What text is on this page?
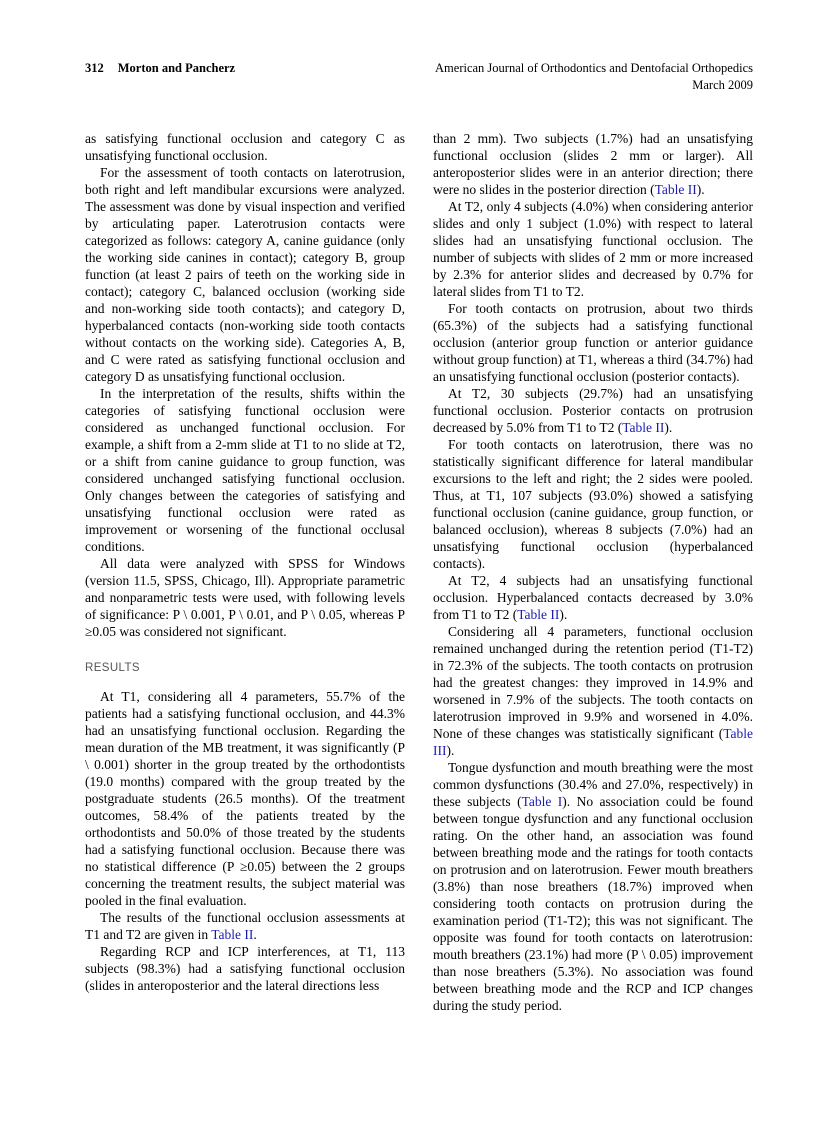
312 Morton and Pancherz	American Journal of Orthodontics and Dentofacial Orthopedics
March 2009

as satisfying functional occlusion and category C as unsatisfying functional occlusion.

For the assessment of tooth contacts on laterotrusion, both right and left mandibular excursions were analyzed. The assessment was done by visual inspection and verified by articulating paper. Laterotrusion contacts were categorized as follows: category A, canine guidance (only the working side canines in contact); category B, group function (at least 2 pairs of teeth on the working side in contact); category C, balanced occlusion (working side and non-working side tooth contacts); and category D, hyperbalanced contacts (non-working side tooth contacts without contacts on the working side). Categories A, B, and C were rated as satisfying functional occlusion and category D as unsatisfying functional occlusion.

In the interpretation of the results, shifts within the categories of satisfying functional occlusion were considered as unchanged functional occlusion. For example, a shift from a 2-mm slide at T1 to no slide at T2, or a shift from canine guidance to group function, was considered unchanged satisfying functional occlusion. Only changes between the categories of satisfying and unsatisfying functional occlusion were rated as improvement or worsening of the functional occlusal conditions.

All data were analyzed with SPSS for Windows (version 11.5, SPSS, Chicago, Ill). Appropriate parametric and nonparametric tests were used, with following levels of significance: P \ 0.001, P \ 0.01, and P \ 0.05, whereas P ≥0.05 was considered not significant.

RESULTS

At T1, considering all 4 parameters, 55.7% of the patients had a satisfying functional occlusion, and 44.3% had an unsatisfying functional occlusion. Regarding the mean duration of the MB treatment, it was significantly (P \ 0.001) shorter in the group treated by the orthodontists (19.0 months) compared with the group treated by the postgraduate students (26.5 months). Of the treatment outcomes, 58.4% of the patients treated by the orthodontists and 50.0% of those treated by the students had a satisfying functional occlusion. Because there was no statistical difference (P ≥0.05) between the 2 groups concerning the treatment results, the subject material was pooled in the final evaluation.

The results of the functional occlusion assessments at T1 and T2 are given in Table II.

Regarding RCP and ICP interferences, at T1, 113 subjects (98.3%) had a satisfying functional occlusion (slides in anteroposterior and the lateral directions less

than 2 mm). Two subjects (1.7%) had an unsatisfying functional occlusion (slides 2 mm or larger). All anteroposterior slides were in an anterior direction; there were no slides in the posterior direction (Table II).

At T2, only 4 subjects (4.0%) when considering anterior slides and only 1 subject (1.0%) with respect to lateral slides had an unsatisfying functional occlusion. The number of subjects with slides of 2 mm or more increased by 2.3% for anterior slides and decreased by 0.7% for lateral slides from T1 to T2.

For tooth contacts on protrusion, about two thirds (65.3%) of the subjects had a satisfying functional occlusion (anterior group function or anterior guidance without group function) at T1, whereas a third (34.7%) had an unsatisfying functional occlusion (posterior contacts).

At T2, 30 subjects (29.7%) had an unsatisfying functional occlusion. Posterior contacts on protrusion decreased by 5.0% from T1 to T2 (Table II).

For tooth contacts on laterotrusion, there was no statistically significant difference for lateral mandibular excursions to the left and right; the 2 sides were pooled. Thus, at T1, 107 subjects (93.0%) showed a satisfying functional occlusion (canine guidance, group function, or balanced occlusion), whereas 8 subjects (7.0%) had an unsatisfying functional occlusion (hyperbalanced contacts).

At T2, 4 subjects had an unsatisfying functional occlusion. Hyperbalanced contacts decreased by 3.0% from T1 to T2 (Table II).

Considering all 4 parameters, functional occlusion remained unchanged during the retention period (T1-T2) in 72.3% of the subjects. The tooth contacts on protrusion had the greatest changes: they improved in 14.9% and worsened in 7.9% of the subjects. The tooth contacts on laterotrusion improved in 9.9% and worsened in 4.0%. None of these changes was statistically significant (Table III).

Tongue dysfunction and mouth breathing were the most common dysfunctions (30.4% and 27.0%, respectively) in these subjects (Table I). No association could be found between tongue dysfunction and any functional occlusion rating. On the other hand, an association was found between breathing mode and the ratings for tooth contacts on protrusion and on laterotrusion. Fewer mouth breathers (3.8%) than nose breathers (18.7%) improved when considering tooth contacts on protrusion during the examination period (T1-T2); this was not significant. The opposite was found for tooth contacts on laterotrusion: mouth breathers (23.1%) had more (P \ 0.05) improvement than nose breathers (5.3%). No association was found between breathing mode and the RCP and ICP changes during the study period.
